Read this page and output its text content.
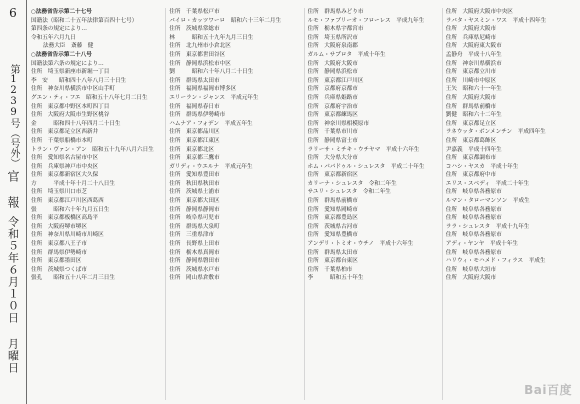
6
第1239号
（号外）
官 報
令和５年６月１０日 月曜日
○法務省告示第二十七号
国籍法（昭和二十五年法律第百四十七号）
第四条の規定により…
令和五年六月九日
法務大臣　斎藤　健
○法務省告示第二十八号
国籍法第六条の規定により…
住所　埼玉県新座市新堀一丁目
李　安　　昭和四十八年八月三十日生
住所　神奈川県横浜市中区山手町
グエン・ティ・フエ　昭和五十八年七月二日生
住所　東京都中野区本町四丁目
住所　大阪府大阪市生野区桃谷
金　　　昭和四十八年四月二十日生
住所　東京都足立区西新井
住所　千葉県船橋市本町
トラン・ヴァン・アン　昭和五十九年八月六日生
住所　愛知県名古屋市中区
住所　兵庫県神戸市中央区
住所　東京都新宿区大久保
方　　　平成十年十月二十八日生
住所　埼玉県川口市芝
住所　東京都江戸川区西葛西
張　　　昭和六十年九月五日生
住所　東京都板橋区高島平
住所　大阪府堺市堺区
住所　神奈川県川崎市川崎区
住所　東京都八王子市
住所　群馬県伊勢崎市
住所　東京都墨田区
住所　茨城県つくば市
張孔　　昭和五十八年二月三日生
住所　千葉県松戸市
バイロ・カッツワーロ　昭和六十三年二月生
住所　茨城県常総市
林　　　昭和五十九年九月三日生
住所　北九州市小倉北区
住所　東京都世田谷区
住所　静岡県浜松市中区
劉　　　昭和六十年八月二十日生
住所　群馬県太田市
住所　福岡県福岡市博多区
エリーラン・ジャンス　平成元年生
住所　福岡県春日市
住所　群馬県伊勢崎市
ハムナア・フォデン　平成五年生
住所　東京都品川区
住所　東京都江東区
住所　東京都北区
住所　東京都三鷹市
ガリディ・ウエルナ　平成元年生
住所　愛知県豊田市
住所　秋田県秋田市
住所　茨城県土浦市
住所　東京都大田区
住所　静岡県静岡市
住所　岐阜県可児市
住所　群馬県大泉町
住所　三重県津市
住所　長野県上田市
住所　栃木県真岡市
住所　静岡県磐田市
住所　茨城県水戸市
住所　岡山県倉敷市
住所　群馬県みどり市
ルモ・ファブリーオ・フローレス　平成九年生
住所　栃木県宇都宮市
住所　埼玉県所沢市
住所　大阪府泉南郡
ガルム・サプロタ　平成十年生
住所　大阪府大阪市
住所　静岡県浜松市
住所　東京都江戸川区
住所　京都府京都市
住所　兵庫県姫路市
住所　京都府宇治市
住所　東京都練馬区
住所　神奈川県相模原市
住所　千葉県市川市
住所　静岡県富士市
ラリーサ・ミチキ・ウチヤマ　平成十六年生
住所　大分県大分市
ホム・パパドゥル・シュレスタ　平成二十年生
住所　東京都新宿区
カリーナ・シュレスタ　令和二年生
サユリ・シュレスタ　令和二年生
住所　群馬県前橋市
住所　愛知県岡崎市
住所　東京都豊島区
住所　茨城県古河市
住所　愛知県豊橋市
アンデリ・トミオ・ウチノ　平成十六年生
住所　群馬県太田市
住所　東京都台東区
住所　千葉県柏市
李　　　昭和五十年生
住所　大阪府大阪市中央区
ラバタ・ヤスミン・ワス　平成十四年生
住所　大阪府大阪市
住所　兵庫県尼崎市
住所　大阪府東大阪市
孟静舟　平成十八年生
住所　神奈川県横浜市
住所　東京都立川市
住所　川崎市中原区
王矢　昭和六十一年生
住所　大阪府大阪市
住所　群馬県前橋市
劉健　昭和六十二年生
住所　東京都足立区
ラネウッタ・ボンメンチン　平成四年生
住所　東京都葛飾区
尹嘉義　平成十四年生
住所　東京都調布市
コハシ・ヤスカ　平成十年生
住所　東京都府中市
エリス・スベディ　平成二十年生
住所　岐阜県各務原市
ルマン・タローマンソン　平成生
住所　岐阜県各務原市
住所　岐阜県各務原市
ララ・シュレスタ　平成十九年生
住所　岐阜県各務原市
アディ・ヤンヤ　平成十年生
住所　岐阜県各務原市
ハリウィ・モハメド・フィラス　平成生
住所　岐阜県大垣市
住所　大阪府大阪市
Bai百度
